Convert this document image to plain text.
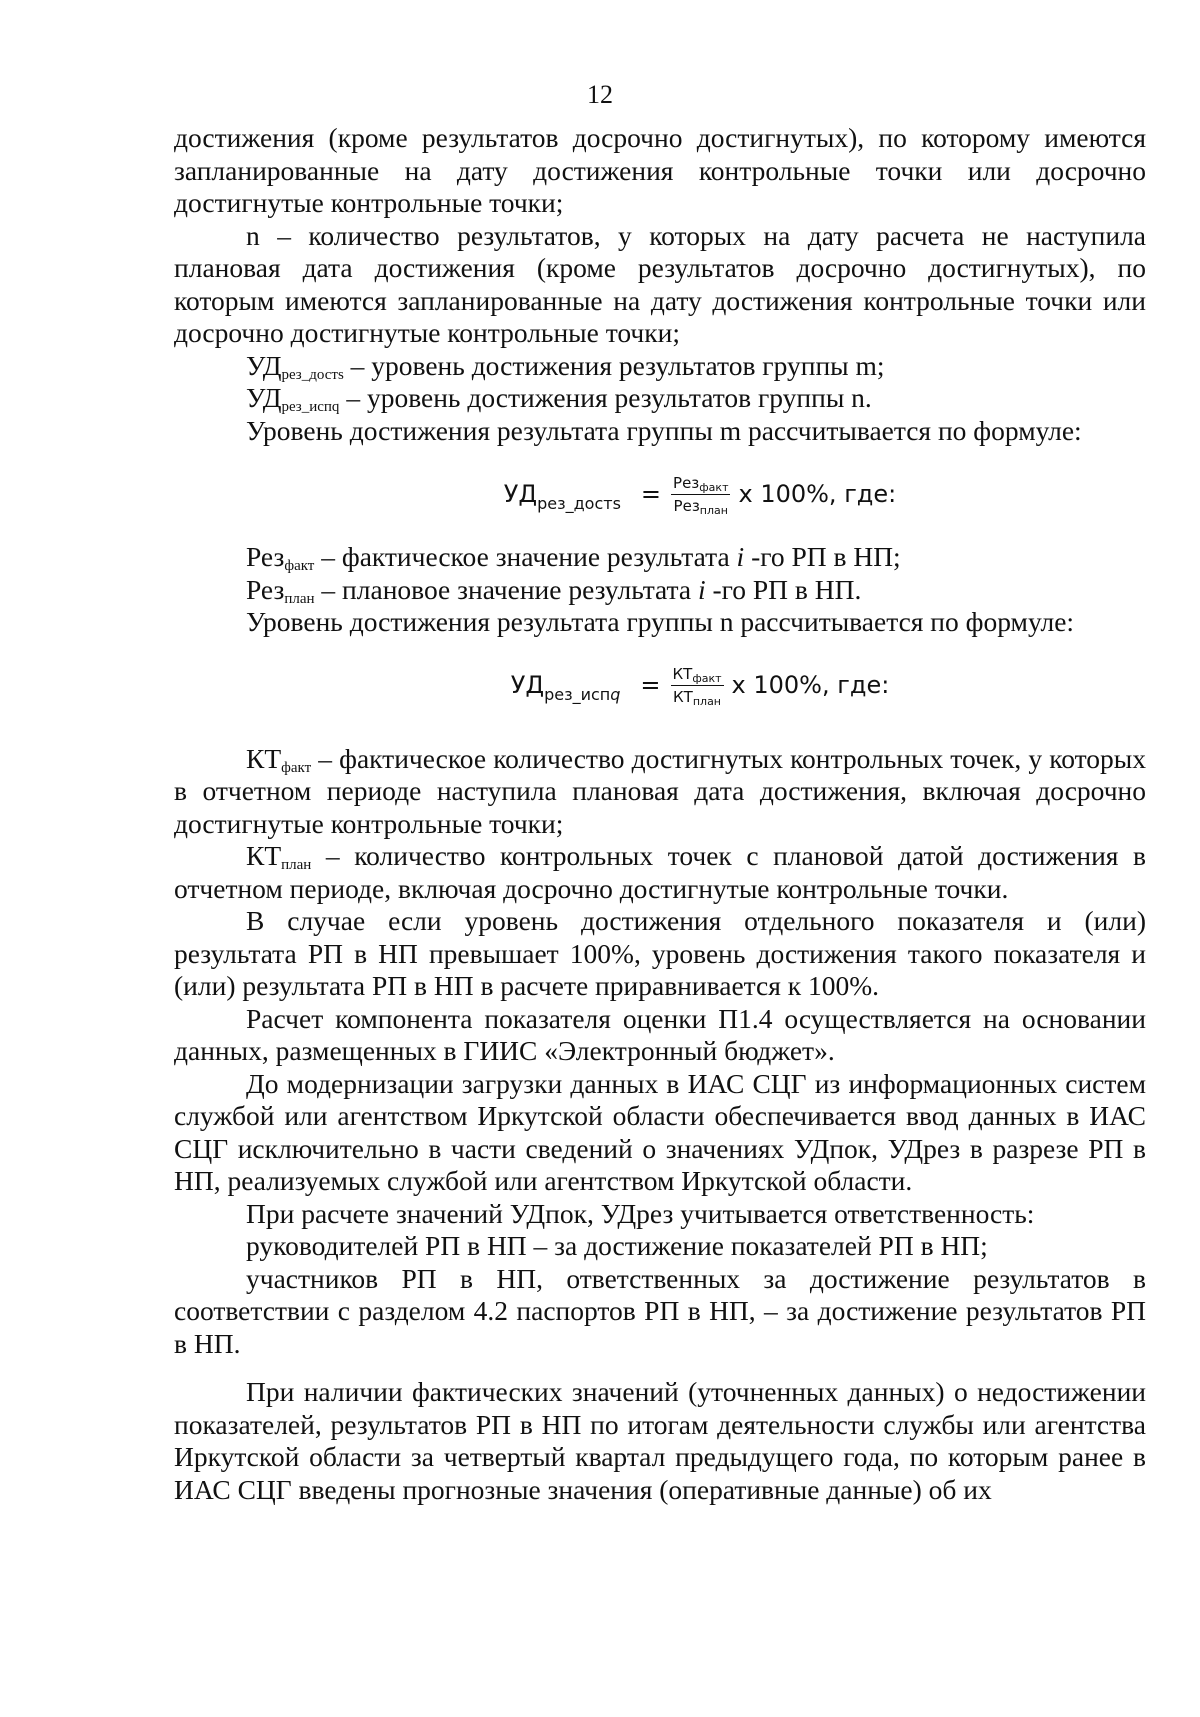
12

достижения (кроме результатов досрочно достигнутых), по которому имеются запланированные на дату достижения контрольные точки или досрочно достигнутые контрольные точки;

n – количество результатов, у которых на дату расчета не наступила плановая дата достижения (кроме результатов досрочно достигнутых), по которым имеются запланированные на дату достижения контрольные точки или досрочно достигнутые контрольные точки;

$УД_{рез\_достs}$ – уровень достижения результатов группы m;

$УД_{рез\_испq}$ – уровень достижения результатов группы n.

Уровень достижения результата группы m рассчитывается по формуле:

$УД_{рез\_достs} = \frac{Рез_{факт}}{Рез_{план}}$ x 100%, где:

Рез$_{факт}$ – фактическое значение результата i -го РП в НП;

Рез$_{план}$ – плановое значение результата i -го РП в НП.

Уровень достижения результата группы n рассчитывается по формуле:

$УД_{рез\_испq} = \frac{КТ_{факт}}{КТ_{план}}$ x 100%, где:

$КТ_{факт}$ – фактическое количество достигнутых контрольных точек, у которых в отчетном периоде наступила плановая дата достижения, включая досрочно достигнутые контрольные точки;

$КТ_{план}$ – количество контрольных точек с плановой датой достижения в отчетном периоде, включая досрочно достигнутые контрольные точки.

В случае если уровень достижения отдельного показателя и (или) результата РП в НП превышает 100%, уровень достижения такого показателя и (или) результата РП в НП в расчете приравнивается к 100%.

Расчет компонента показателя оценки П1.4 осуществляется на основании данных, размещенных в ГИИС «Электронный бюджет».

До модернизации загрузки данных в ИАС СЦГ из информационных систем службой или агентством Иркутской области обеспечивается ввод данных в ИАС СЦГ исключительно в части сведений о значениях УДпок, УДрез в разрезе РП в НП, реализуемых службой или агентством Иркутской области.

При расчете значений УДпок, УДрез учитывается ответственность:

руководителей РП в НП – за достижение показателей РП в НП;

участников РП в НП, ответственных за достижение результатов в соответствии с разделом 4.2 паспортов РП в НП, – за достижение результатов РП в НП.

При наличии фактических значений (уточненных данных) о недостижении показателей, результатов РП в НП по итогам деятельности службы или агентства Иркутской области за четвертый квартал предыдущего года, по которым ранее в ИАС СЦГ введены прогнозные значения (оперативные данные) об их
